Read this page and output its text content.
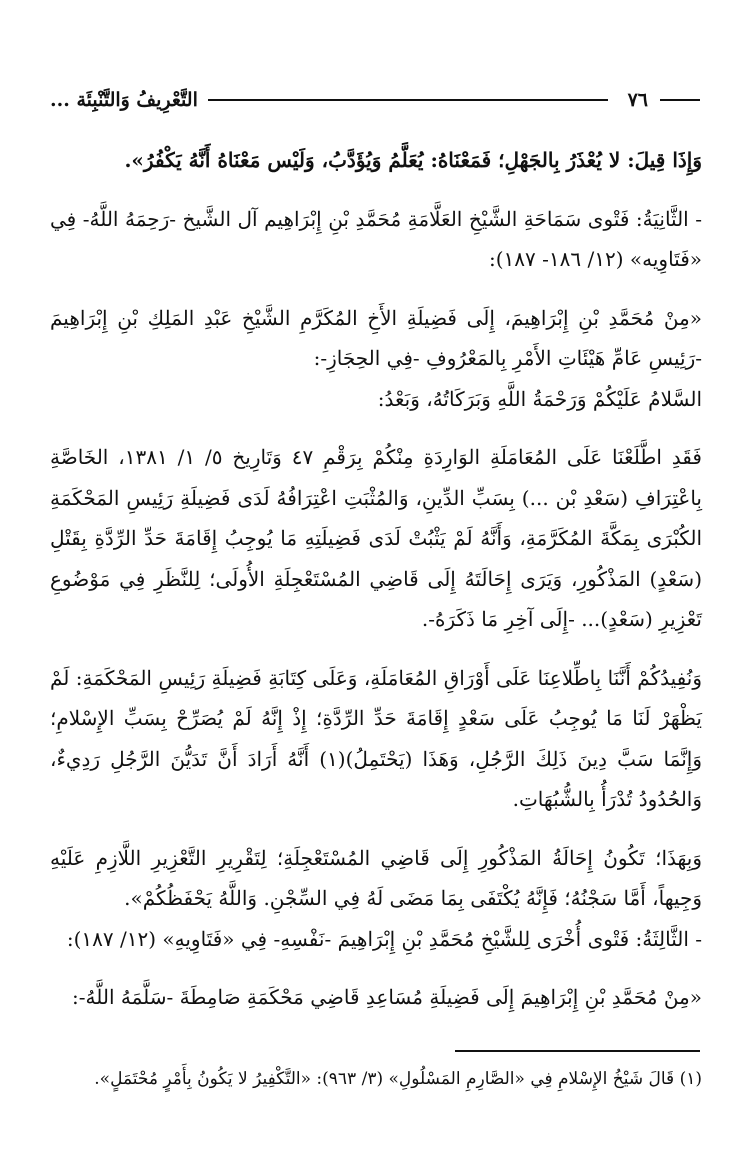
٧٦
التَّعْرِيفُ وَالتَّنْبِئَة ...

وَإِذَا قِيلَ: لا يُعْذَرُ بِالجَهْلِ؛ فَمَعْنَاهُ: يُعَلَّمُ وَيُؤَدَّبُ، وَلَيْس مَعْنَاهُ أَنَّهُ يَكْفُرُ».

- الثَّانِيَةُ: فَتْوى سَمَاحَةِ الشَّيْخِ العَلَّامَةِ مُحَمَّدِ بْنِ إِبْرَاهِيم آل الشَّيخ -رَحِمَهُ اللَّهُ- فِي «فَتَاوِيه» (١٢/ ١٨٦- ١٨٧):

«مِنْ مُحَمَّدِ بْنِ إِبْرَاهِيمَ، إِلَى فَضِيلَةِ الأَخِ المُكَرَّمِ الشَّيْخِ عَبْدِ المَلِكِ بْنِ إِبْرَاهِيمَ -رَئِيسِ عَامِّ هَيْئَاتِ الأَمْرِ بِالمَعْرُوفِ -فِي الحِجَازِ-:

السَّلامُ عَلَيْكُمْ وَرَحْمَةُ اللَّهِ وَبَرَكَاتُهُ، وَبَعْدُ:

فَقَدِ اطَّلَعْنَا عَلَى المُعَامَلَةِ الوَارِدَةِ مِنْكُمْ بِرَقْمِ ٤٧ وَتَارِيخ ٥/ ١/ ١٣٨١، الخَاصَّةِ بِاعْتِرَافِ (سَعْدِ بْن ...) بِسَبِّ الدِّينِ، وَالمُثْبَتِ اعْتِرَافُهُ لَدَى فَضِيلَةِ رَئِيسِ المَحْكَمَةِ الكُبْرَى بِمَكَّةَ المُكَرَّمَةِ، وَأَنَّهُ لَمْ يَثْبُتْ لَدَى فَضِيلَتِهِ مَا يُوجِبُ إِقَامَةَ حَدِّ الرِّدَّةِ بِقَتْلِ (سَعْدٍ) المَذْكُورِ، وَيَرَى إِحَالَتَهُ إِلَى قَاضِي المُسْتَعْجِلَةِ الأُولَى؛ لِلنَّظَرِ فِي مَوْضُوعِ تَعْزِيرِ (سَعْدٍ)... -إِلَى آخِرِ مَا ذَكَرَهُ-.

وَنُفِيدُكُمْ أَنَّنَا بِاطِّلاعِنَا عَلَى أَوْرَاقِ المُعَامَلَةِ، وَعَلَى كِتَابَةِ فَضِيلَةِ رَئِيسِ المَحْكَمَةِ: لَمْ يَظْهَرْ لَنَا مَا يُوجِبُ عَلَى سَعْدٍ إِقَامَةَ حَدِّ الرِّدَّةِ؛ إِذْ إِنَّهُ لَمْ يُصَرِّحْ بِسَبِّ الإِسْلامِ؛ وَإِنَّمَا سَبَّ دِينَ ذَلِكَ الرَّجُلِ، وَهَذَا (يَحْتَمِلُ)(١) أَنَّهُ أَرَادَ أَنَّ تَدَيُّنَ الرَّجُلِ رَدِيءٌ، وَالحُدُودُ تُدْرَأُ بِالشُّبُهَاتِ.

وَبِهَذَا؛ تَكُونُ إِحَالَةُ المَذْكُورِ إِلَى قَاضِي المُسْتَعْجِلَةِ؛ لِتَقْرِيرِ التَّعْزِيرِ اللَّازِمِ عَلَيْهِ وَجِيهاً، أَمَّا سَجْنُهُ؛ فَإِنَّهُ يُكْتَفَى بِمَا مَضَى لَهُ فِي السِّجْنِ. وَاللَّهُ يَحْفَظُكُمْ».

- الثَّالِثَةُ: فَتْوى أُخْرَى لِلشَّيْخِ مُحَمَّدِ بْنِ إِبْرَاهِيمَ -نَفْسِهِ- فِي «فَتَاوِيهِ» (١٢/ ١٨٧):

«مِنْ مُحَمَّدِ بْنِ إِبْرَاهِيمَ إِلَى فَضِيلَةِ مُسَاعِدِ قَاضِي مَحْكَمَةِ صَامِطَةَ -سَلَّمَهُ اللَّهُ-:

(١) قَالَ شَيْخُ الإِسْلامِ فِي «الصَّارِمِ المَسْلُولِ» (٣/ ٩٦٣): «التَّكْفِيرُ لا يَكُونُ بِأَمْرٍ مُحْتَمَلٍ».
